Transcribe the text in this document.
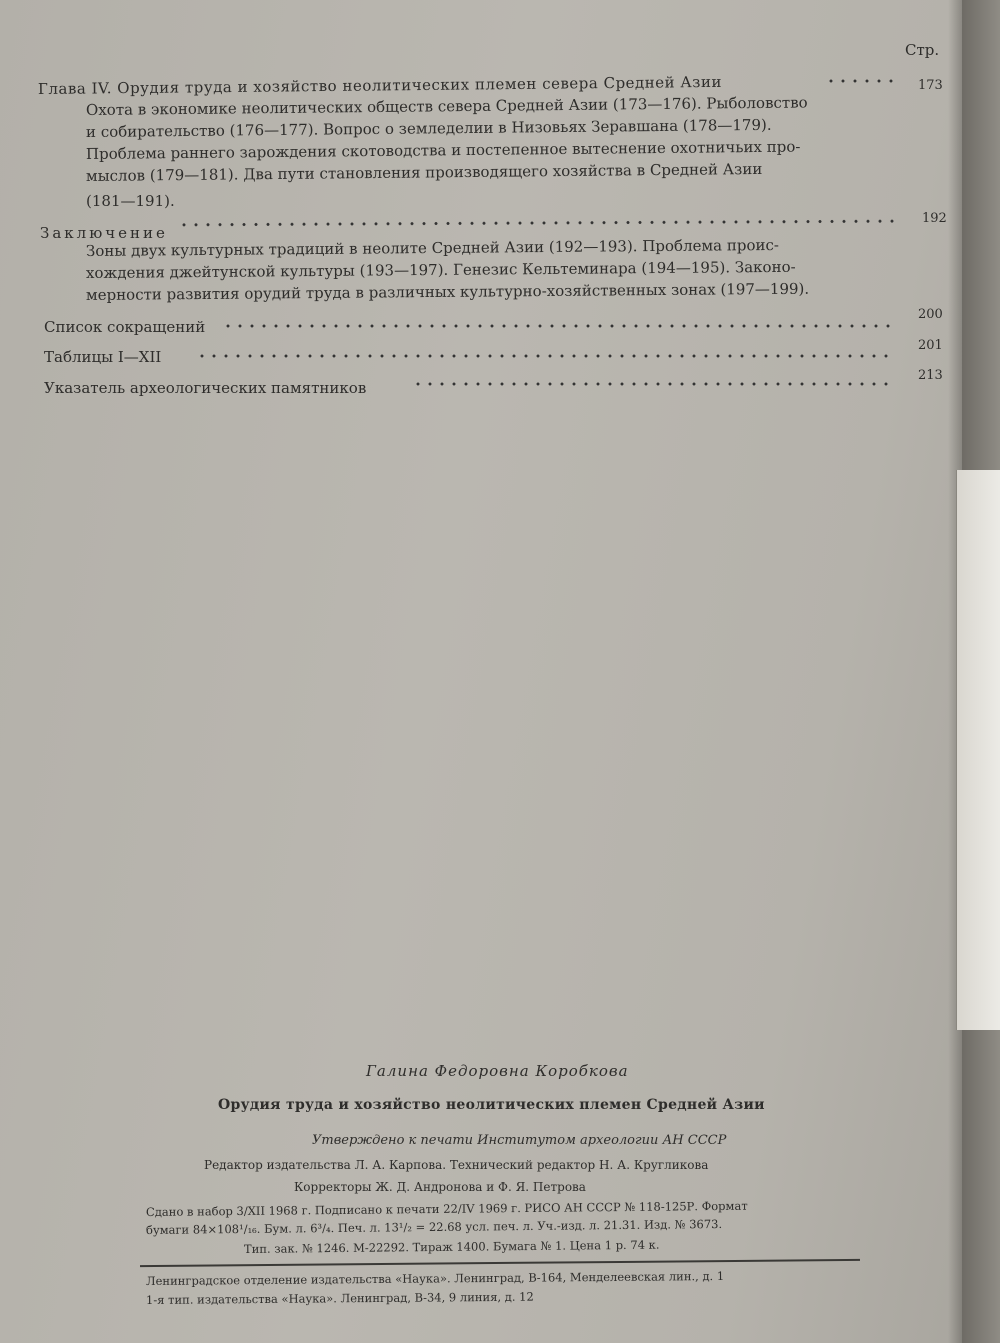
Стр.
Глава IV. Орудия труда и хозяйство неолитических племен севера Средней Азии	173
Охота в экономике неолитических обществ севера Средней Азии (173—176). Рыболовство
и собирательство (176—177). Вопрос о земледелии в Низовьях Зеравшана (178—179).
Проблема раннего зарождения скотоводства и постепенное вытеснение охотничьих про-
мыслов (179—181). Два пути становления производящего хозяйства в Средней Азии
(181—191).
Заключение
192
Зоны двух культурных традиций в неолите Средней Азии (192—193). Проблема проис-
хождения джейтунской культуры (193—197). Генезис Кельтеминара (194—195). Законо-
мерности развития орудий труда в различных культурно-хозяйственных зонах (197—199).
Список сокращений
200
Таблицы I—XII
201
Указатель археологических памятников
213
Галина Федоровна Коробкова
Орудия труда и хозяйство неолитических племен Средней Азии
Утверждено к печати Институтом археологии АН СССР
Редактор издательства Л. А. Карпова. Технический редактор Н. А. Кругликова
Корректоры Ж. Д. Андронова и Ф. Я. Петрова
Сдано в набор 3/XII 1968 г. Подписано к печати 22/IV 1969 г. РИСО АН СССР № 118-125Р. Формат
бумаги 84×108¹/₁₆. Бум. л. 6³/₄. Печ. л. 13¹/₂ = 22.68 усл. печ. л. Уч.-изд. л. 21.31. Изд. № 3673.
Тип. зак. № 1246. М-22292. Тираж 1400. Бумага № 1. Цена 1 р. 74 к.
Ленинградское отделение издательства «Наука». Ленинград, В-164, Менделеевская лин., д. 1
1-я тип. издательства «Наука». Ленинград, В-34, 9 линия, д. 12
